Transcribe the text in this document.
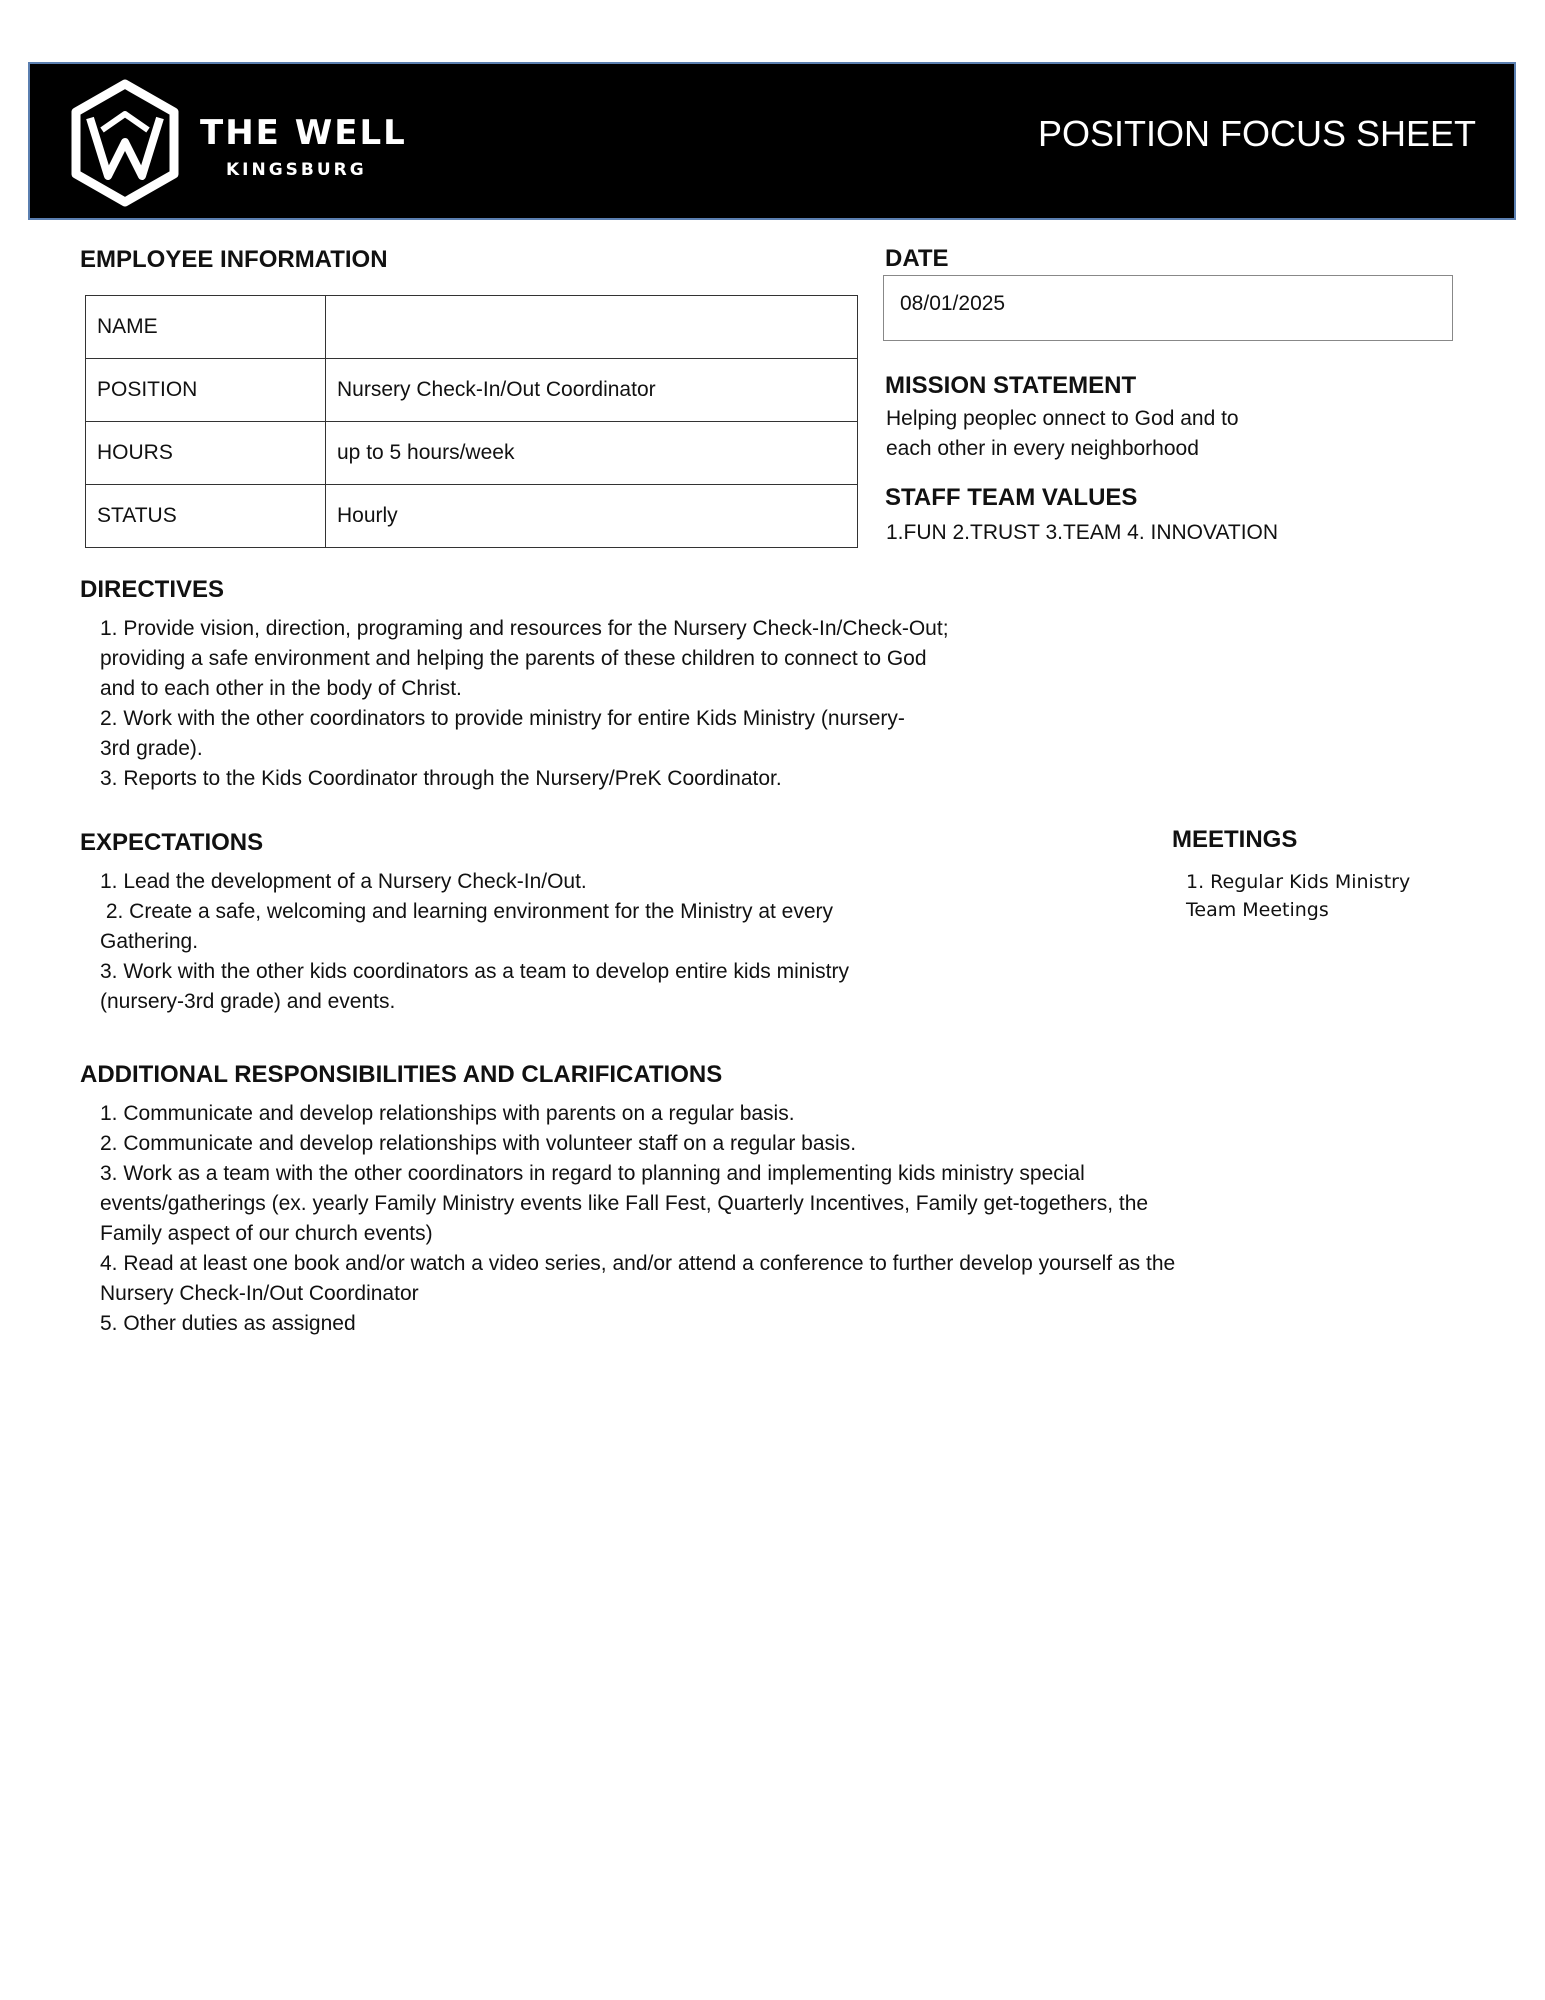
THE WELL
KINGSBURG
POSITION FOCUS SHEET
EMPLOYEE INFORMATION
NAME	
POSITION	Nursery Check-In/Out Coordinator
HOURS	up to 5 hours/week
STATUS	Hourly
DATE
08/01/2025
MISSION STATEMENT
Helping peoplec onnect to God and to
each other in every neighborhood
STAFF TEAM VALUES
1.FUN 2.TRUST 3.TEAM 4. INNOVATION
DIRECTIVES
1. Provide vision, direction, programing and resources for the Nursery Check-In/Check-Out;
providing a safe environment and helping the parents of these children to connect to God
and to each other in the body of Christ.
2. Work with the other coordinators to provide ministry for entire Kids Ministry (nursery-
3rd grade).
3. Reports to the Kids Coordinator through the Nursery/PreK Coordinator.
EXPECTATIONS
1. Lead the development of a Nursery Check-In/Out.
2. Create a safe, welcoming and learning environment for the Ministry at every
Gathering.
3. Work with the other kids coordinators as a team to develop entire kids ministry
(nursery-3rd grade) and events.
MEETINGS
1. Regular Kids Ministry
Team Meetings
ADDITIONAL RESPONSIBILITIES AND CLARIFICATIONS
1. Communicate and develop relationships with parents on a regular basis.
2. Communicate and develop relationships with volunteer staff on a regular basis.
3. Work as a team with the other coordinators in regard to planning and implementing kids ministry special
events/gatherings (ex. yearly Family Ministry events like Fall Fest, Quarterly Incentives, Family get-togethers, the
Family aspect of our church events)
4. Read at least one book and/or watch a video series, and/or attend a conference to further develop yourself as the
Nursery Check-In/Out Coordinator
5. Other duties as assigned
